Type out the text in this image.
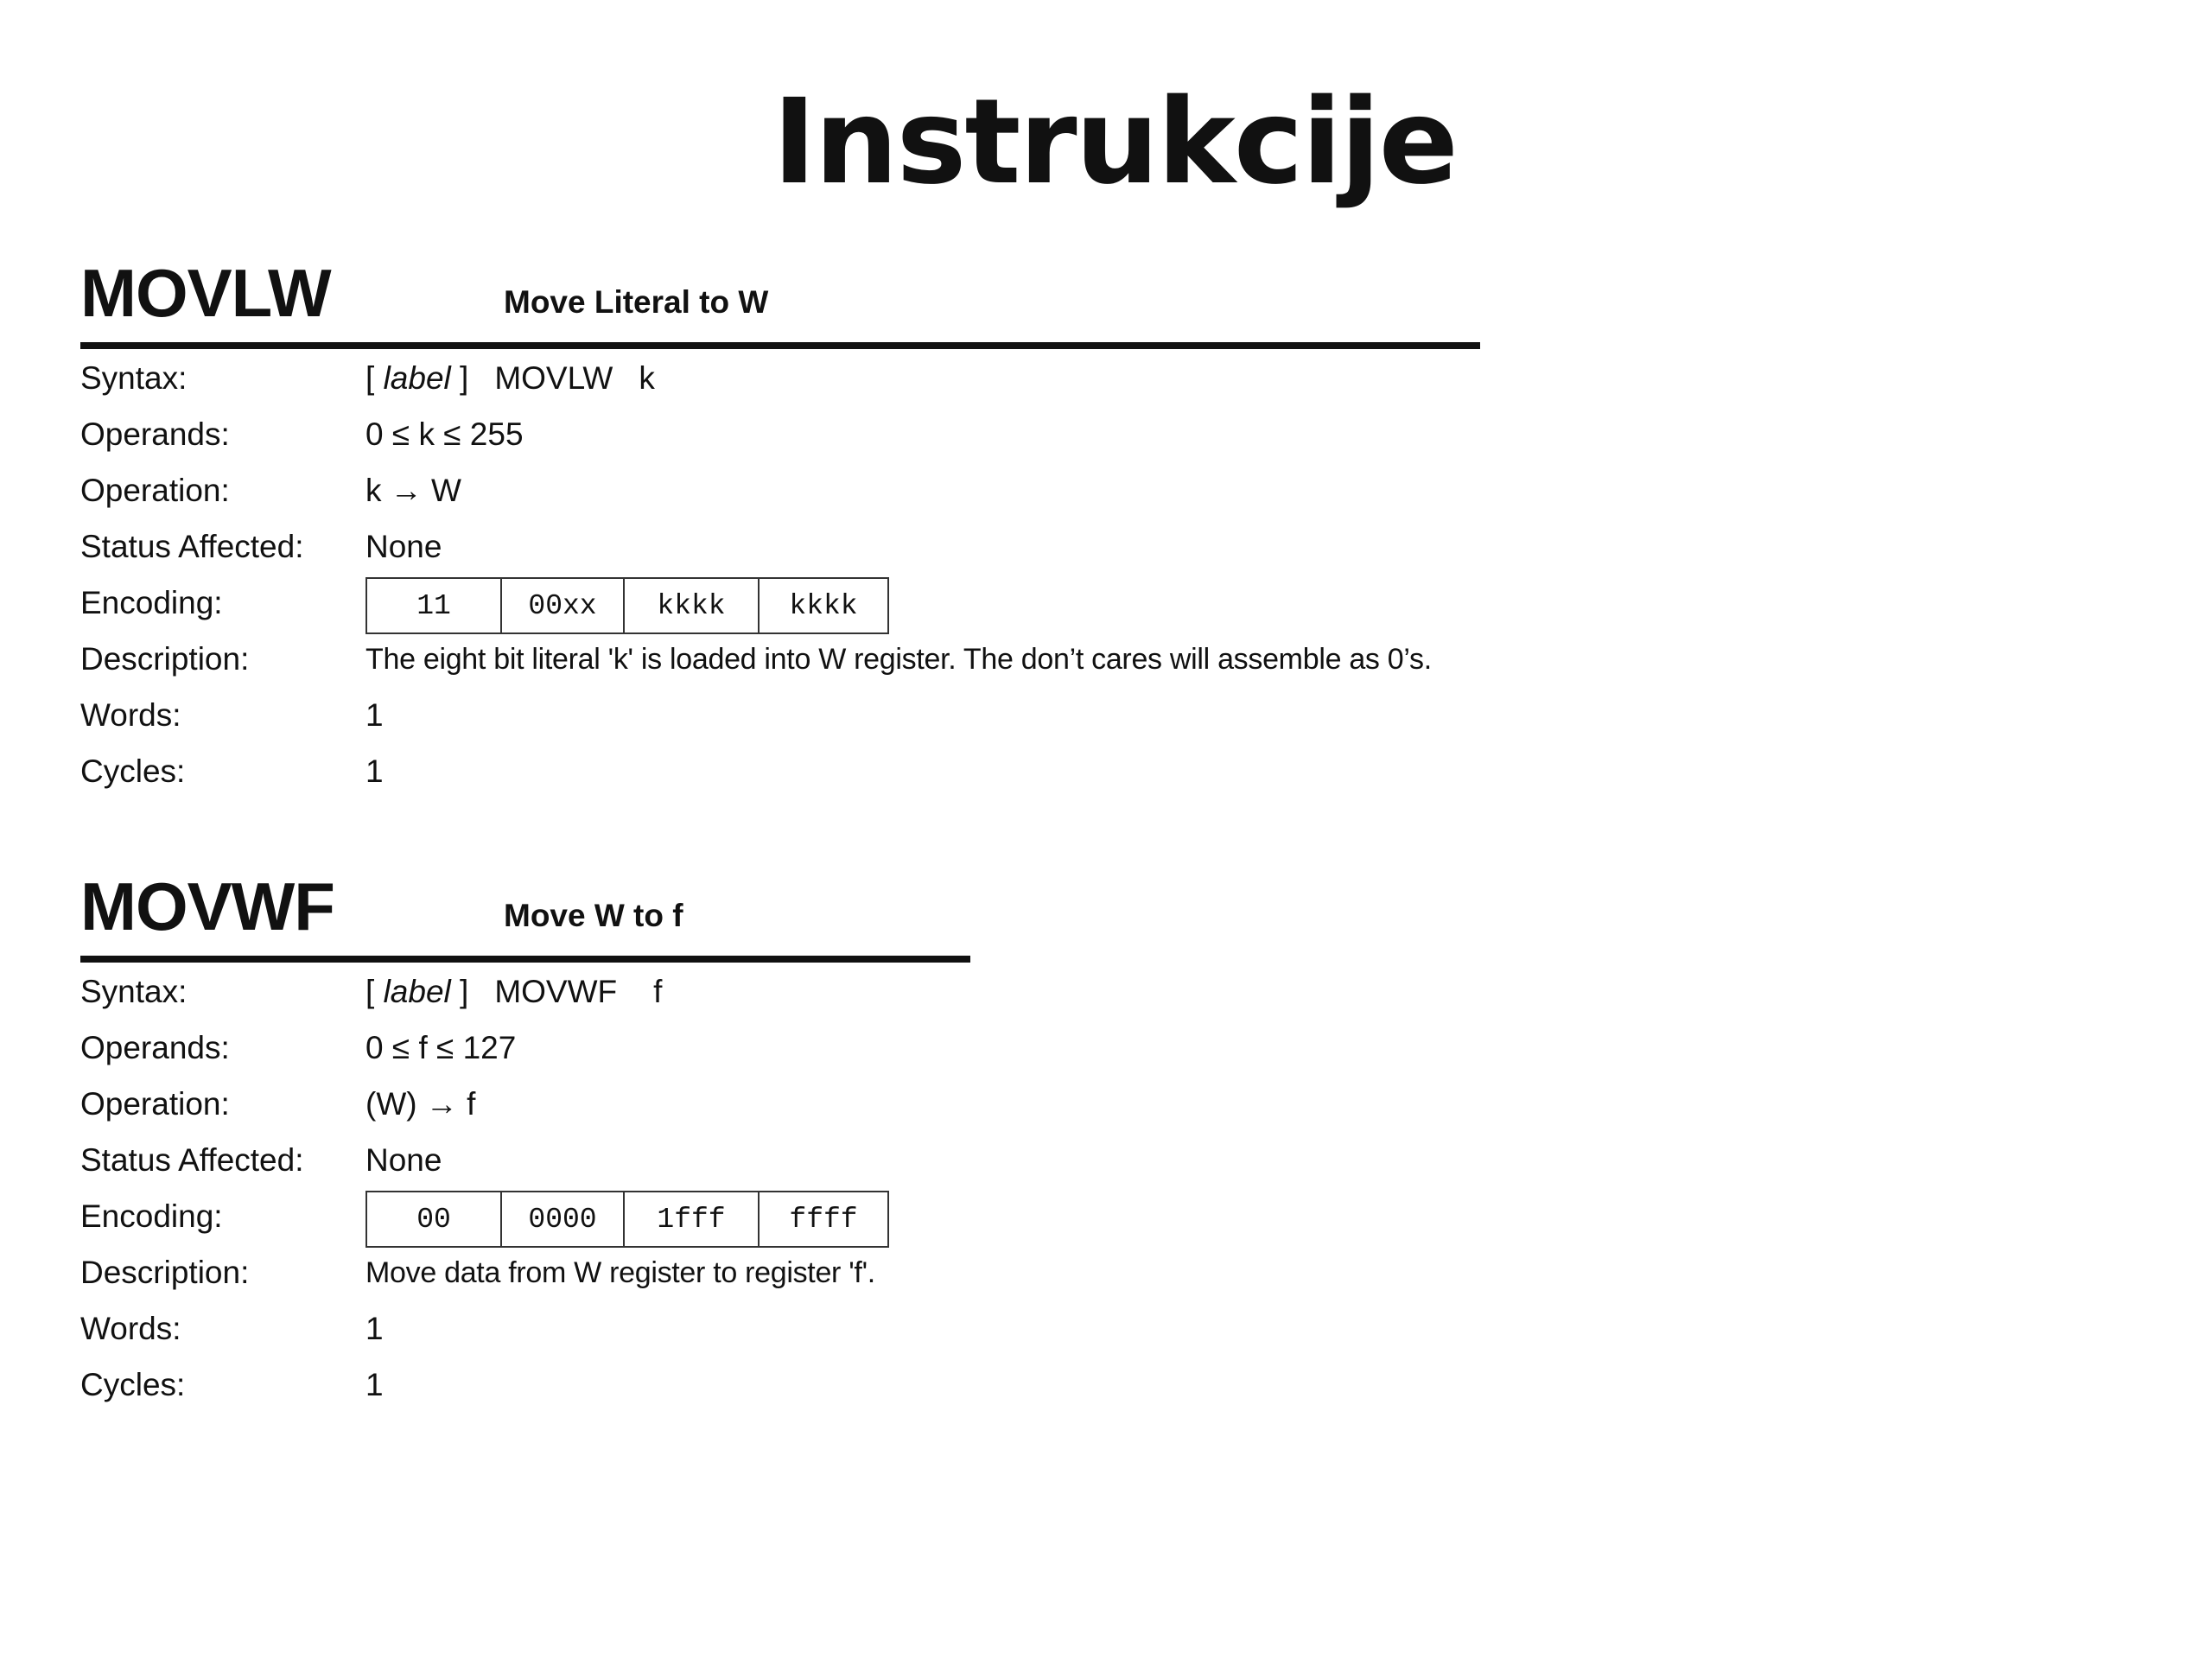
Instrukcije
MOVLW	Move Literal to W
Syntax:	[ label ] MOVLW k
Operands:	0 ≤ k ≤ 255
Operation:	k → W
Status Affected: None
Encoding:	11	00xx	kkkk	kkkk
Description:	The eight bit literal 'k' is loaded into W register. The don’t cares will assemble as 0’s.
Words:	1
Cycles:	1
MOVWF	Move W to f
Syntax:	[ label ] MOVWF f
Operands:	0 ≤ f ≤ 127
Operation:	(W) → f
Status Affected: None
Encoding:	00	0000	1fff	ffff
Description:	Move data from W register to register 'f'.
Words:	1
Cycles:	1
